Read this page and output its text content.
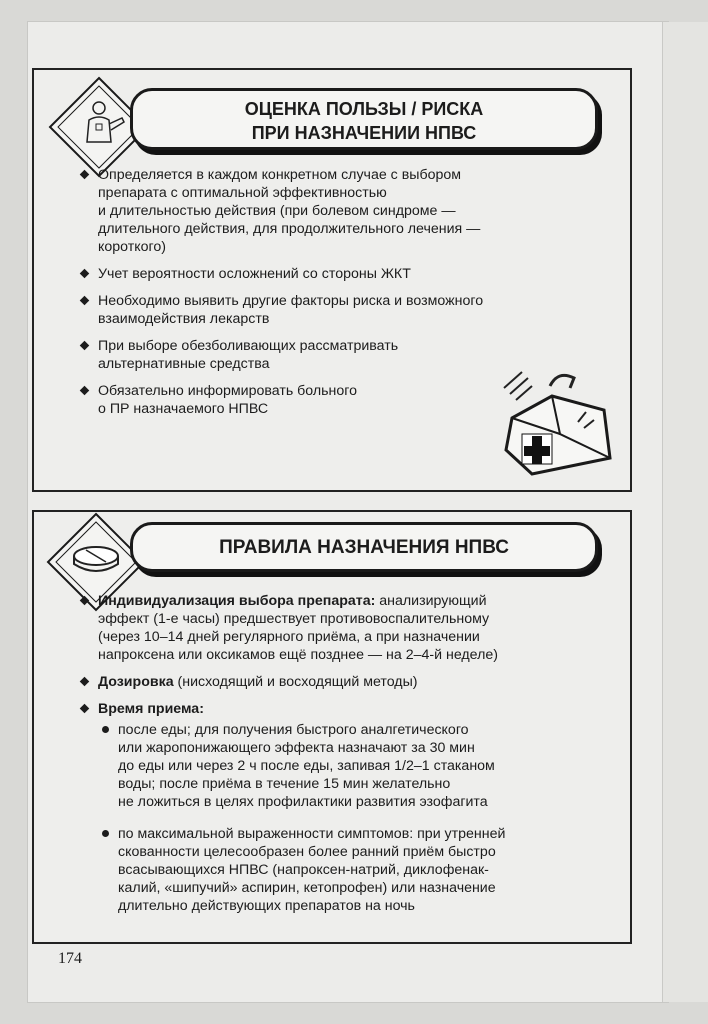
ОЦЕНКА ПОЛЬЗЫ / РИСКА
ПРИ НАЗНАЧЕНИИ НПВС
Определяется в каждом конкретном случае с выбором
препарата с оптимальной эффективностью
и длительностью действия (при болевом синдроме —
длительного действия, для продолжительного лечения —
короткого)
Учет вероятности осложнений со стороны ЖКТ
Необходимо выявить другие факторы риска и возможного
взаимодействия лекарств
При выборе обезболивающих рассматривать
альтернативные средства
Обязательно информировать больного
о ПР назначаемого НПВС
ПРАВИЛА НАЗНАЧЕНИЯ НПВС
Индивидуализация выбора препарата: анализирующий
эффект (1-е часы) предшествует противовоспалительному
(через 10–14 дней регулярного приёма, а при назначении
напроксена или оксикамов ещё позднее — на 2–4-й неделе)
Дозировка (нисходящий и восходящий методы)
Время приема:
после еды; для получения быстрого аналгетического
или жаропонижающего эффекта назначают за 30 мин
до еды или через 2 ч после еды, запивая 1/2–1 стаканом
воды; после приёма в течение 15 мин желательно
не ложиться в целях профилактики развития эзофагита
по максимальной выраженности симптомов: при утренней
скованности целесообразен более ранний приём быстро
всасывающихся НПВС (напроксен-натрий, диклофенак-
калий, «шипучий» аспирин, кетопрофен) или назначение
длительно действующих препаратов на ночь
174
